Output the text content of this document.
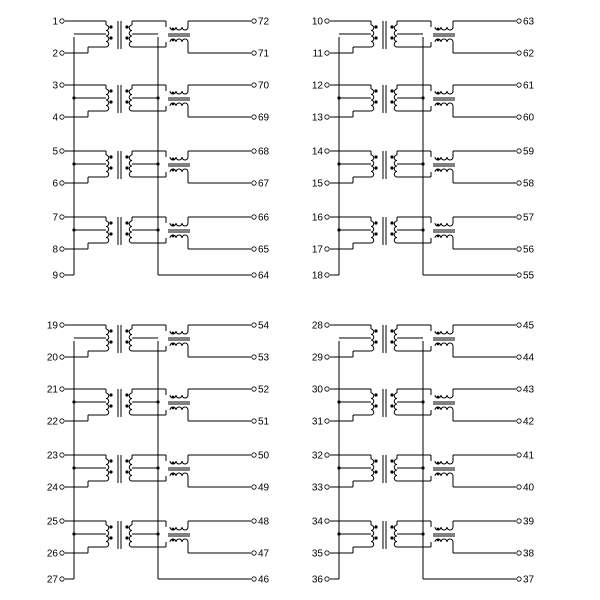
1
2
3
4
5
6
7
8
9
72
71
70
69
68
67
66
65
64
10
11
12
13
14
15
16
17
18
63
62
61
60
59
58
57
56
55
19
20
21
22
23
24
25
26
27
54
53
52
51
50
49
48
47
46
28
29
30
31
32
33
34
35
36
45
44
43
42
41
40
39
38
37
